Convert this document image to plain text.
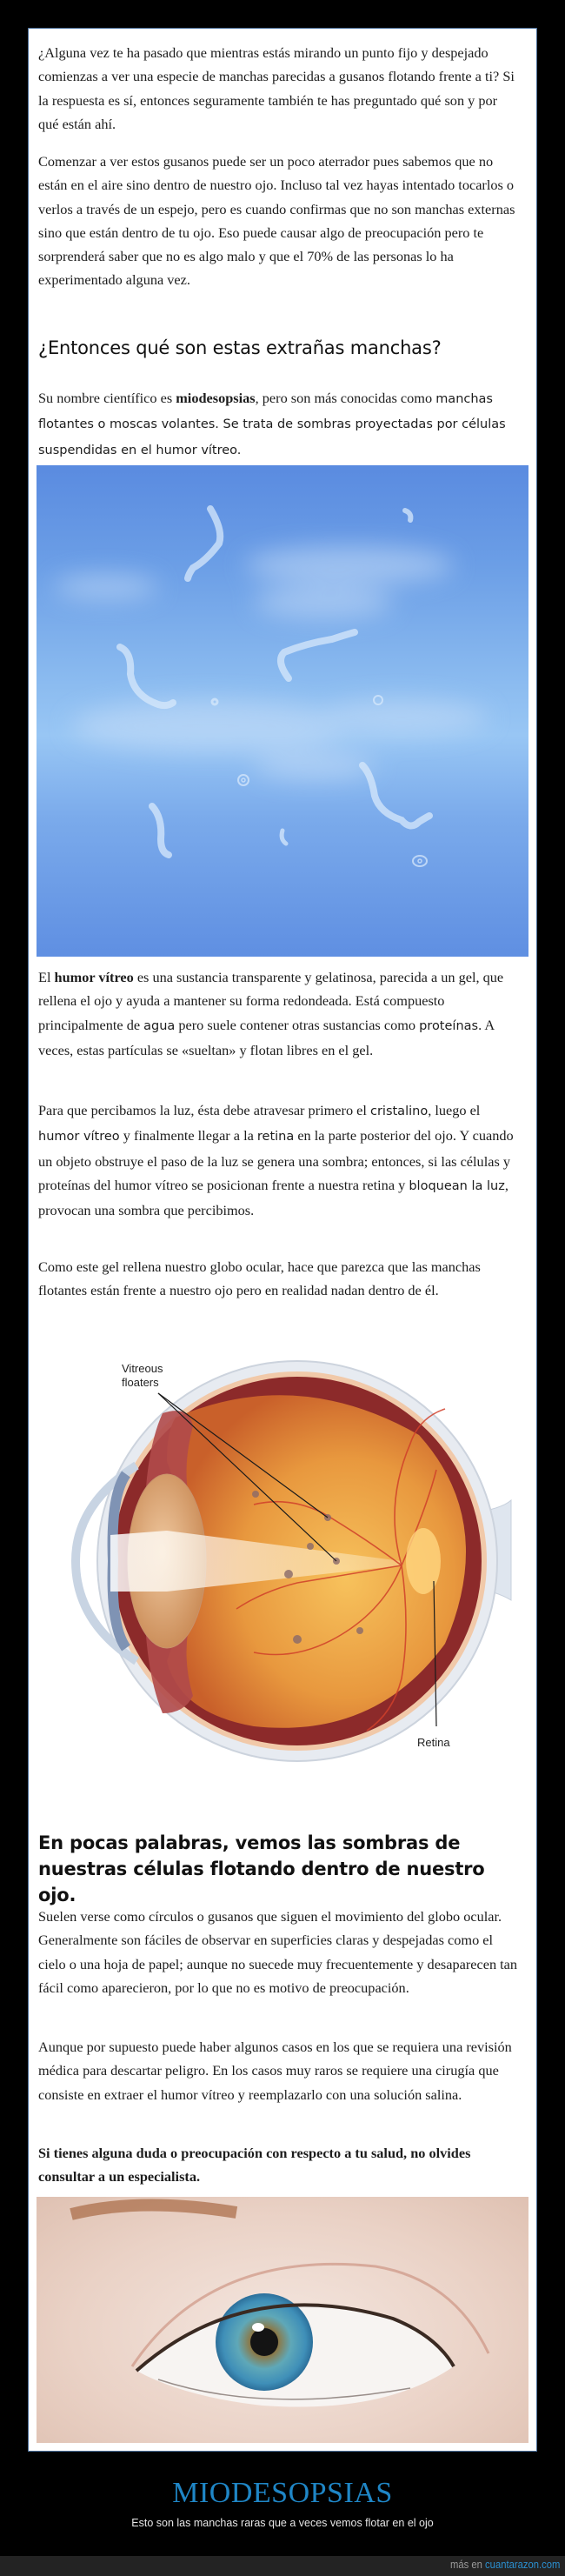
¿Alguna vez te ha pasado que mientras estás mirando un punto fijo y despejado comienzas a ver una especie de manchas parecidas a gusanos flotando frente a ti? Si la respuesta es sí, entonces seguramente también te has preguntado qué son y por qué están ahí.

Comenzar a ver estos gusanos puede ser un poco aterrador pues sabemos que no están en el aire sino dentro de nuestro ojo. Incluso tal vez hayas intentado tocarlos o verlos a través de un espejo, pero es cuando confirmas que no son manchas externas sino que están dentro de tu ojo. Eso puede causar algo de preocupación pero te sorprenderá saber que no es algo malo y que el 70% de las personas lo ha experimentado alguna vez.

¿Entonces qué son estas extrañas manchas?

Su nombre científico es miodesopsias, pero son más conocidas como manchas flotantes o moscas volantes. Se trata de sombras proyectadas por células suspendidas en el humor vítreo.

El humor vítreo es una sustancia transparente y gelatinosa, parecida a un gel, que rellena el ojo y ayuda a mantener su forma redondeada. Está compuesto principalmente de agua pero suele contener otras sustancias como proteínas. A veces, estas partículas se «sueltan» y flotan libres en el gel.

Para que percibamos la luz, ésta debe atravesar primero el cristalino, luego el humor vítreo y finalmente llegar a la retina en la parte posterior del ojo. Y cuando un objeto obstruye el paso de la luz se genera una sombra; entonces, si las células y proteínas del humor vítreo se posicionan frente a nuestra retina y bloquean la luz, provocan una sombra que percibimos.

Como este gel rellena nuestro globo ocular, hace que parezca que las manchas flotantes están frente a nuestro ojo pero en realidad nadan dentro de él.

Vitreous floaters
Retina
En pocas palabras, vemos las sombras de nuestras células flotando dentro de nuestro ojo.

Suelen verse como círculos o gusanos que siguen el movimiento del globo ocular. Generalmente son fáciles de observar en superficies claras y despejadas como el cielo o una hoja de papel; aunque no suecede muy frecuentemente y desaparecen tan fácil como aparecieron, por lo que no es motivo de preocupación.

Aunque por supuesto puede haber algunos casos en los que se requiera una revisión médica para descartar peligro. En los casos muy raros se requiere una cirugía que consiste en extraer el humor vítreo y reemplazarlo con una solución salina.

Si tienes alguna duda o preocupación con respecto a tu salud, no olvides consultar a un especialista.

MIODESOPSIAS
Esto son las manchas raras que a veces vemos flotar en el ojo
más en cuantarazon.com
